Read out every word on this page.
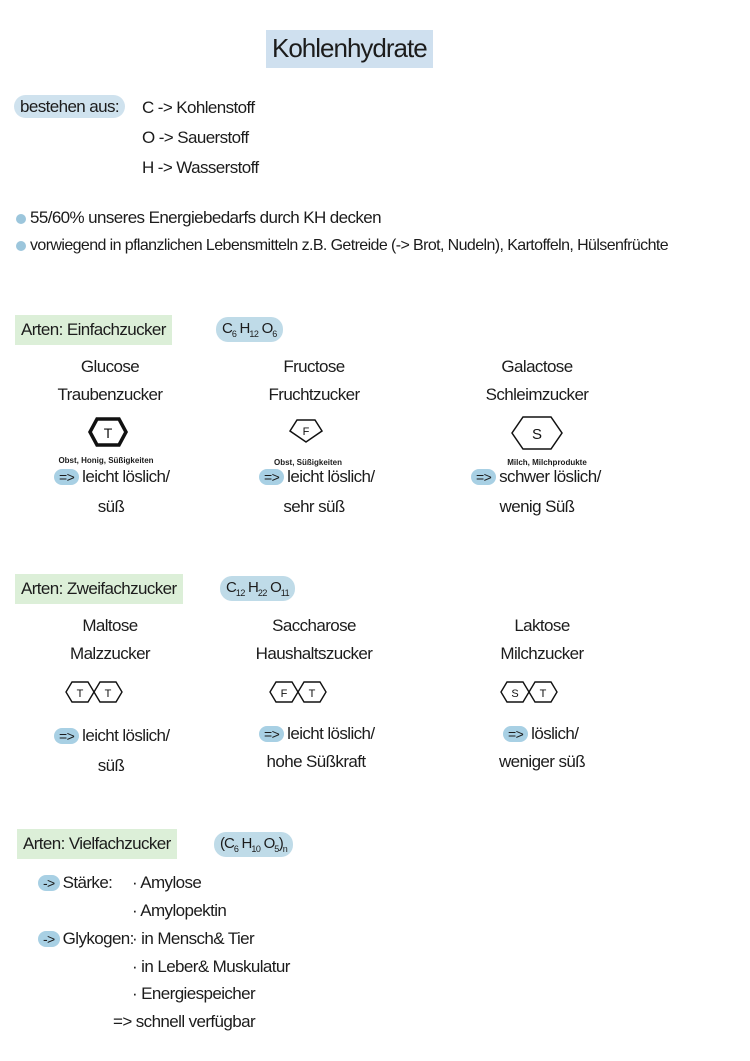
Kohlenhydrate
bestehen aus:	C -> Kohlenstoff
O -> Sauerstoff
H -> Wasserstoff
55/60% unseres Energiebedarfs durch KH decken
vorwiegend in pflanzlichen Lebensmitteln z.B. Getreide (-> Brot, Nudeln), Kartoffeln, Hülsenfrüchte
Arten: Einfachzucker	$C_6$ $H_{12}$ $O_6$
Glucose
Traubenzucker
T
Obst, Honig, Süßigkeiten
=> leicht löslich/
süß
Fructose
Fruchtzucker
F
Obst, Süßigkeiten
=> leicht löslich/
sehr süß
Galactose
Schleimzucker
S
Milch, Milchprodukte
=> schwer löslich/
wenig Süß
Arten: Zweifachzucker	$C_{12}$ $H_{22}$ $O_{11}$
Maltose
Malzzucker
T T
=> leicht löslich/
süß
Saccharose
Haushaltszucker
F T
=> leicht löslich/
hohe Süßkraft
Laktose
Milchzucker
S T
=> löslich/
weniger süß
Arten: Vielfachzucker	($C_6$ $H_{10}$ $O_5)_n$
-> Stärke: · Amylose
· Amylopektin
-> Glykogen:
· in Mensch& Tier
· in Leber& Muskulatur
· Energiespeicher
=> schnell verfügbar
